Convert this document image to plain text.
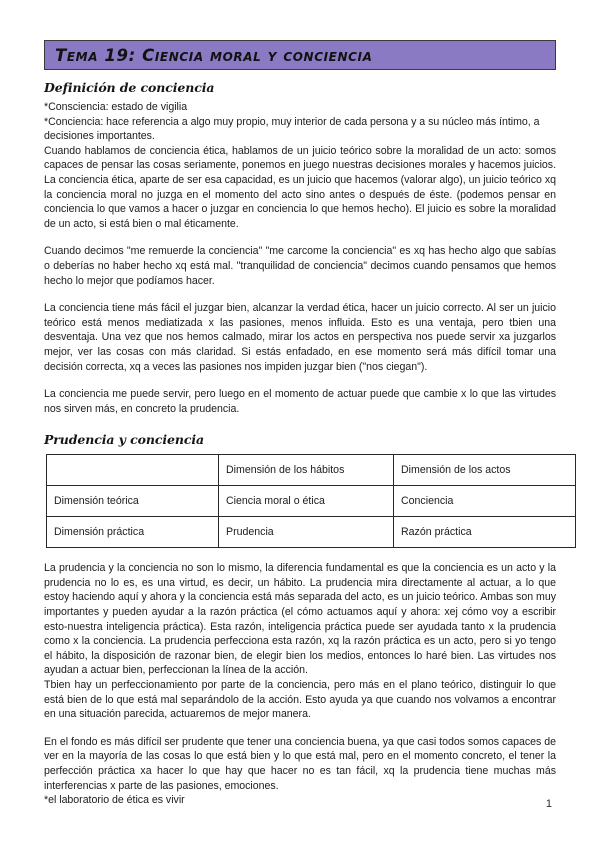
Tema 19: Ciencia moral y conciencia
Definición de conciencia

*Consciencia: estado de vigilia

*Conciencia: hace referencia a algo muy propio, muy interior de cada persona y a su núcleo más íntimo, a decisiones importantes.

Cuando hablamos de conciencia ética, hablamos de un juicio teórico sobre la moralidad de un acto: somos capaces de pensar las cosas seriamente, ponemos en juego nuestras decisiones morales y hacemos juicios. La conciencia ética, aparte de ser esa capacidad, es un juicio que hacemos (valorar algo), un juicio teórico xq la conciencia moral no juzga en el momento del acto sino antes o después de éste. (podemos pensar en conciencia lo que vamos a hacer o juzgar en conciencia lo que hemos hecho). El juicio es sobre la moralidad de un acto, si está bien o mal éticamente.

Cuando decimos "me remuerde la conciencia" "me carcome la conciencia" es xq has hecho algo que sabías o deberías no haber hecho xq está mal. "tranquilidad de conciencia" decimos cuando pensamos que hemos hecho lo mejor que podíamos hacer.

La conciencia tiene más fácil el juzgar bien, alcanzar la verdad ética, hacer un juicio correcto. Al ser un juicio teórico está menos mediatizada x las pasiones, menos influida. Esto es una ventaja, pero tbien una desventaja. Una vez que nos hemos calmado, mirar los actos en perspectiva nos puede servir xa juzgarlos mejor, ver las cosas con más claridad. Si estás enfadado, en ese momento será más difícil tomar una decisión correcta, xq a veces las pasiones nos impiden juzgar bien ("nos ciegan").

La conciencia me puede servir, pero luego en el momento de actuar puede que cambie x lo que las virtudes nos sirven más, en concreto la prudencia.

Prudencia y conciencia
	Dimensión de los hábitos	Dimensión de los actos
Dimensión teórica	Ciencia moral o ética	Conciencia
Dimensión práctica	Prudencia	Razón práctica

La prudencia y la conciencia no son lo mismo, la diferencia fundamental es que la conciencia es un acto y la prudencia no lo es, es una virtud, es decir, un hábito. La prudencia mira directamente al actuar, a lo que estoy haciendo aquí y ahora y la conciencia está más separada del acto, es un juicio teórico. Ambas son muy importantes y pueden ayudar a la razón práctica (el cómo actuamos aquí y ahora: xej cómo voy a escribir esto-nuestra inteligencia práctica). Esta razón, inteligencia práctica puede ser ayudada tanto x la prudencia como x la conciencia. La prudencia perfecciona esta razón, xq la razón práctica es un acto, pero si yo tengo el hábito, la disposición de razonar bien, de elegir bien los medios, entonces lo haré bien. Las virtudes nos ayudan a actuar bien, perfeccionan la línea de la acción.

Tbien hay un perfeccionamiento por parte de la conciencia, pero más en el plano teórico, distinguir lo que está bien de lo que está mal separándolo de la acción. Esto ayuda ya que cuando nos volvamos a encontrar en una situación parecida, actuaremos de mejor manera.

En el fondo es más difícil ser prudente que tener una conciencia buena, ya que casi todos somos capaces de ver en la mayoría de las cosas lo que está bien y lo que está mal, pero en el momento concreto, el tener la perfección práctica xa hacer lo que hay que hacer no es tan fácil, xq la prudencia tiene muchas más interferencias x parte de las pasiones, emociones.

*el laboratorio de ética es vivir	1
